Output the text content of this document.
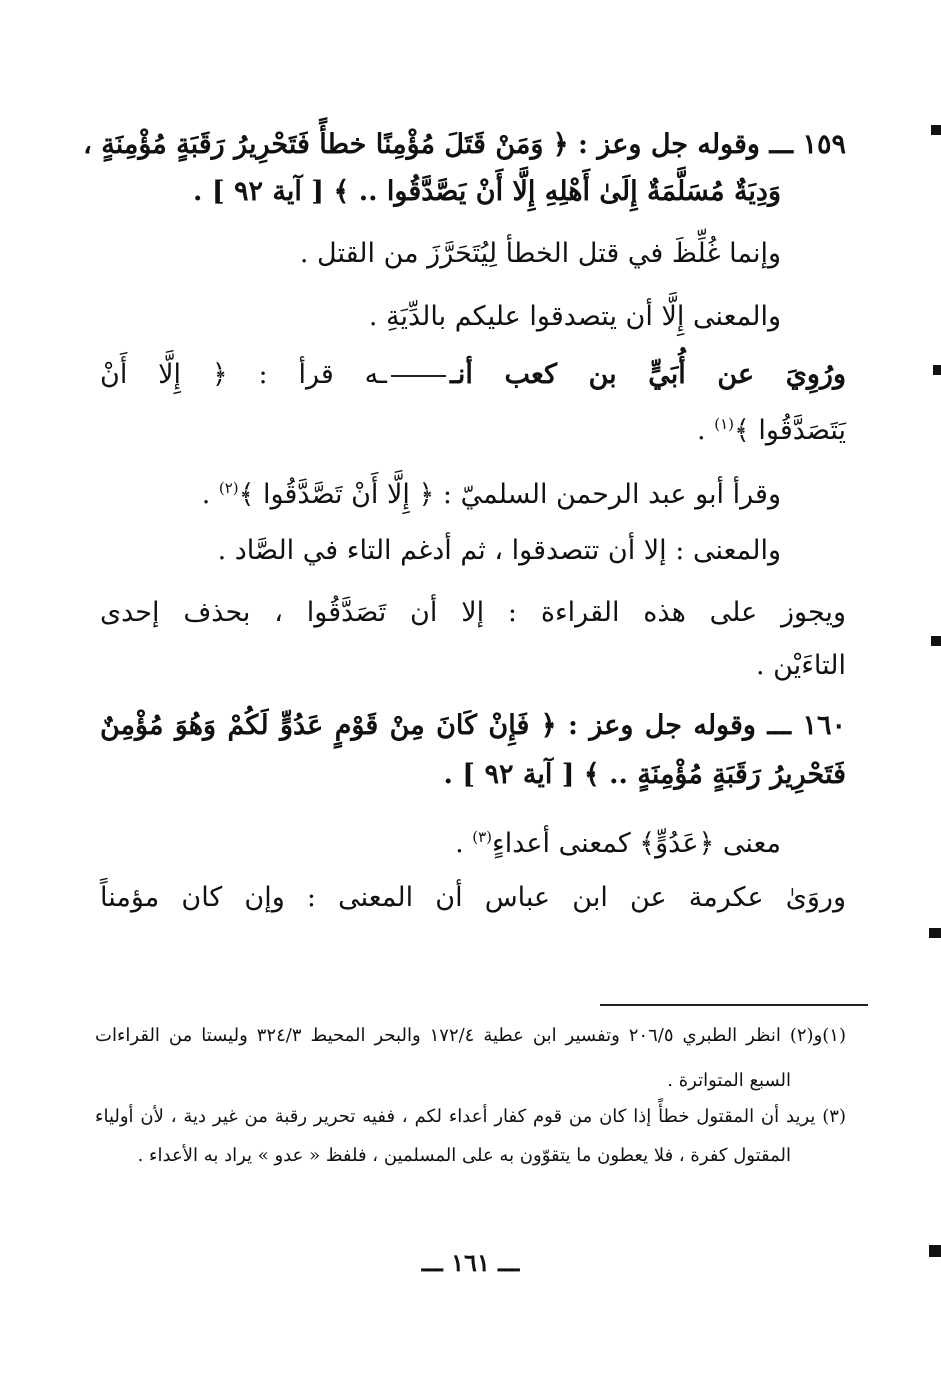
١٥٩ ـــ وقوله جل وعز : ﴿ وَمَنْ قَتَلَ مُؤْمِنًا خطأً فَتَحْرِيرُ رَقَبَةٍ مُؤْمِنَةٍ ،
وَدِيَةٌ مُسَلَّمَةٌ إِلَىٰ أَهْلِهِ إِلَّا أَنْ يَصَّدَّقُوا .. ﴾ [ آية ٩٢ ] .
وإنما غُلِّظَ في قتل الخطأ لِيُتَحَرَّزَ من القتل .
والمعنى إِلَّا أن يتصدقوا عليكم بالدِّيَةِ .
ورُوِيَ عن أُبَيٍّ بن كعب أنــه قرأ : ﴿ إِلَّا أَنْ
يَتَصَدَّقُوا ﴾$^{(١)}$ .
وقرأ أبو عبد الرحمن السلميّ : ﴿ إِلَّا أَنْ تَصَّدَّقُوا ﴾$^{(٢)}$ .
والمعنى : إلا أن تتصدقوا ، ثم أدغم التاء في الصَّاد .
ويجوز على هذه القراءة : إلا أن تَصَدَّقُوا ، بحذف إحدى
التاءَيْن .
١٦٠ ـــ وقوله جل وعز : ﴿ فَإِنْ كَانَ مِنْ قَوْمٍ عَدُوٍّ لَكُمْ وَهُوَ مُؤْمِنٌ
فَتَحْرِيرُ رَقَبَةٍ مُؤْمِنَةٍ .. ﴾ [ آية ٩٢ ] .
معنى ﴿عَدُوٍّ﴾ كمعنى أعداءٍ$^{(٣)}$ .
وروَىٰ عكرمة عن ابن عباس أن المعنى : وإن كان مؤمناً
(١)و(٢) انظر الطبري ٢٠٦/٥ وتفسير ابن عطية ١٧٢/٤ والبحر المحيط ٣٢٤/٣ وليستا من القراءات
السبع المتواترة .
(٣) يريد أن المقتول خطأً إذا كان من قوم كفار أعداء لكم ، ففيه تحرير رقبة من غير دية ، لأن أولياء
المقتول كفرة ، فلا يعطون ما يتقوّون به على المسلمين ، فلفظ « عدو » يراد به الأعداء .
ـــ ١٦١ ـــ
